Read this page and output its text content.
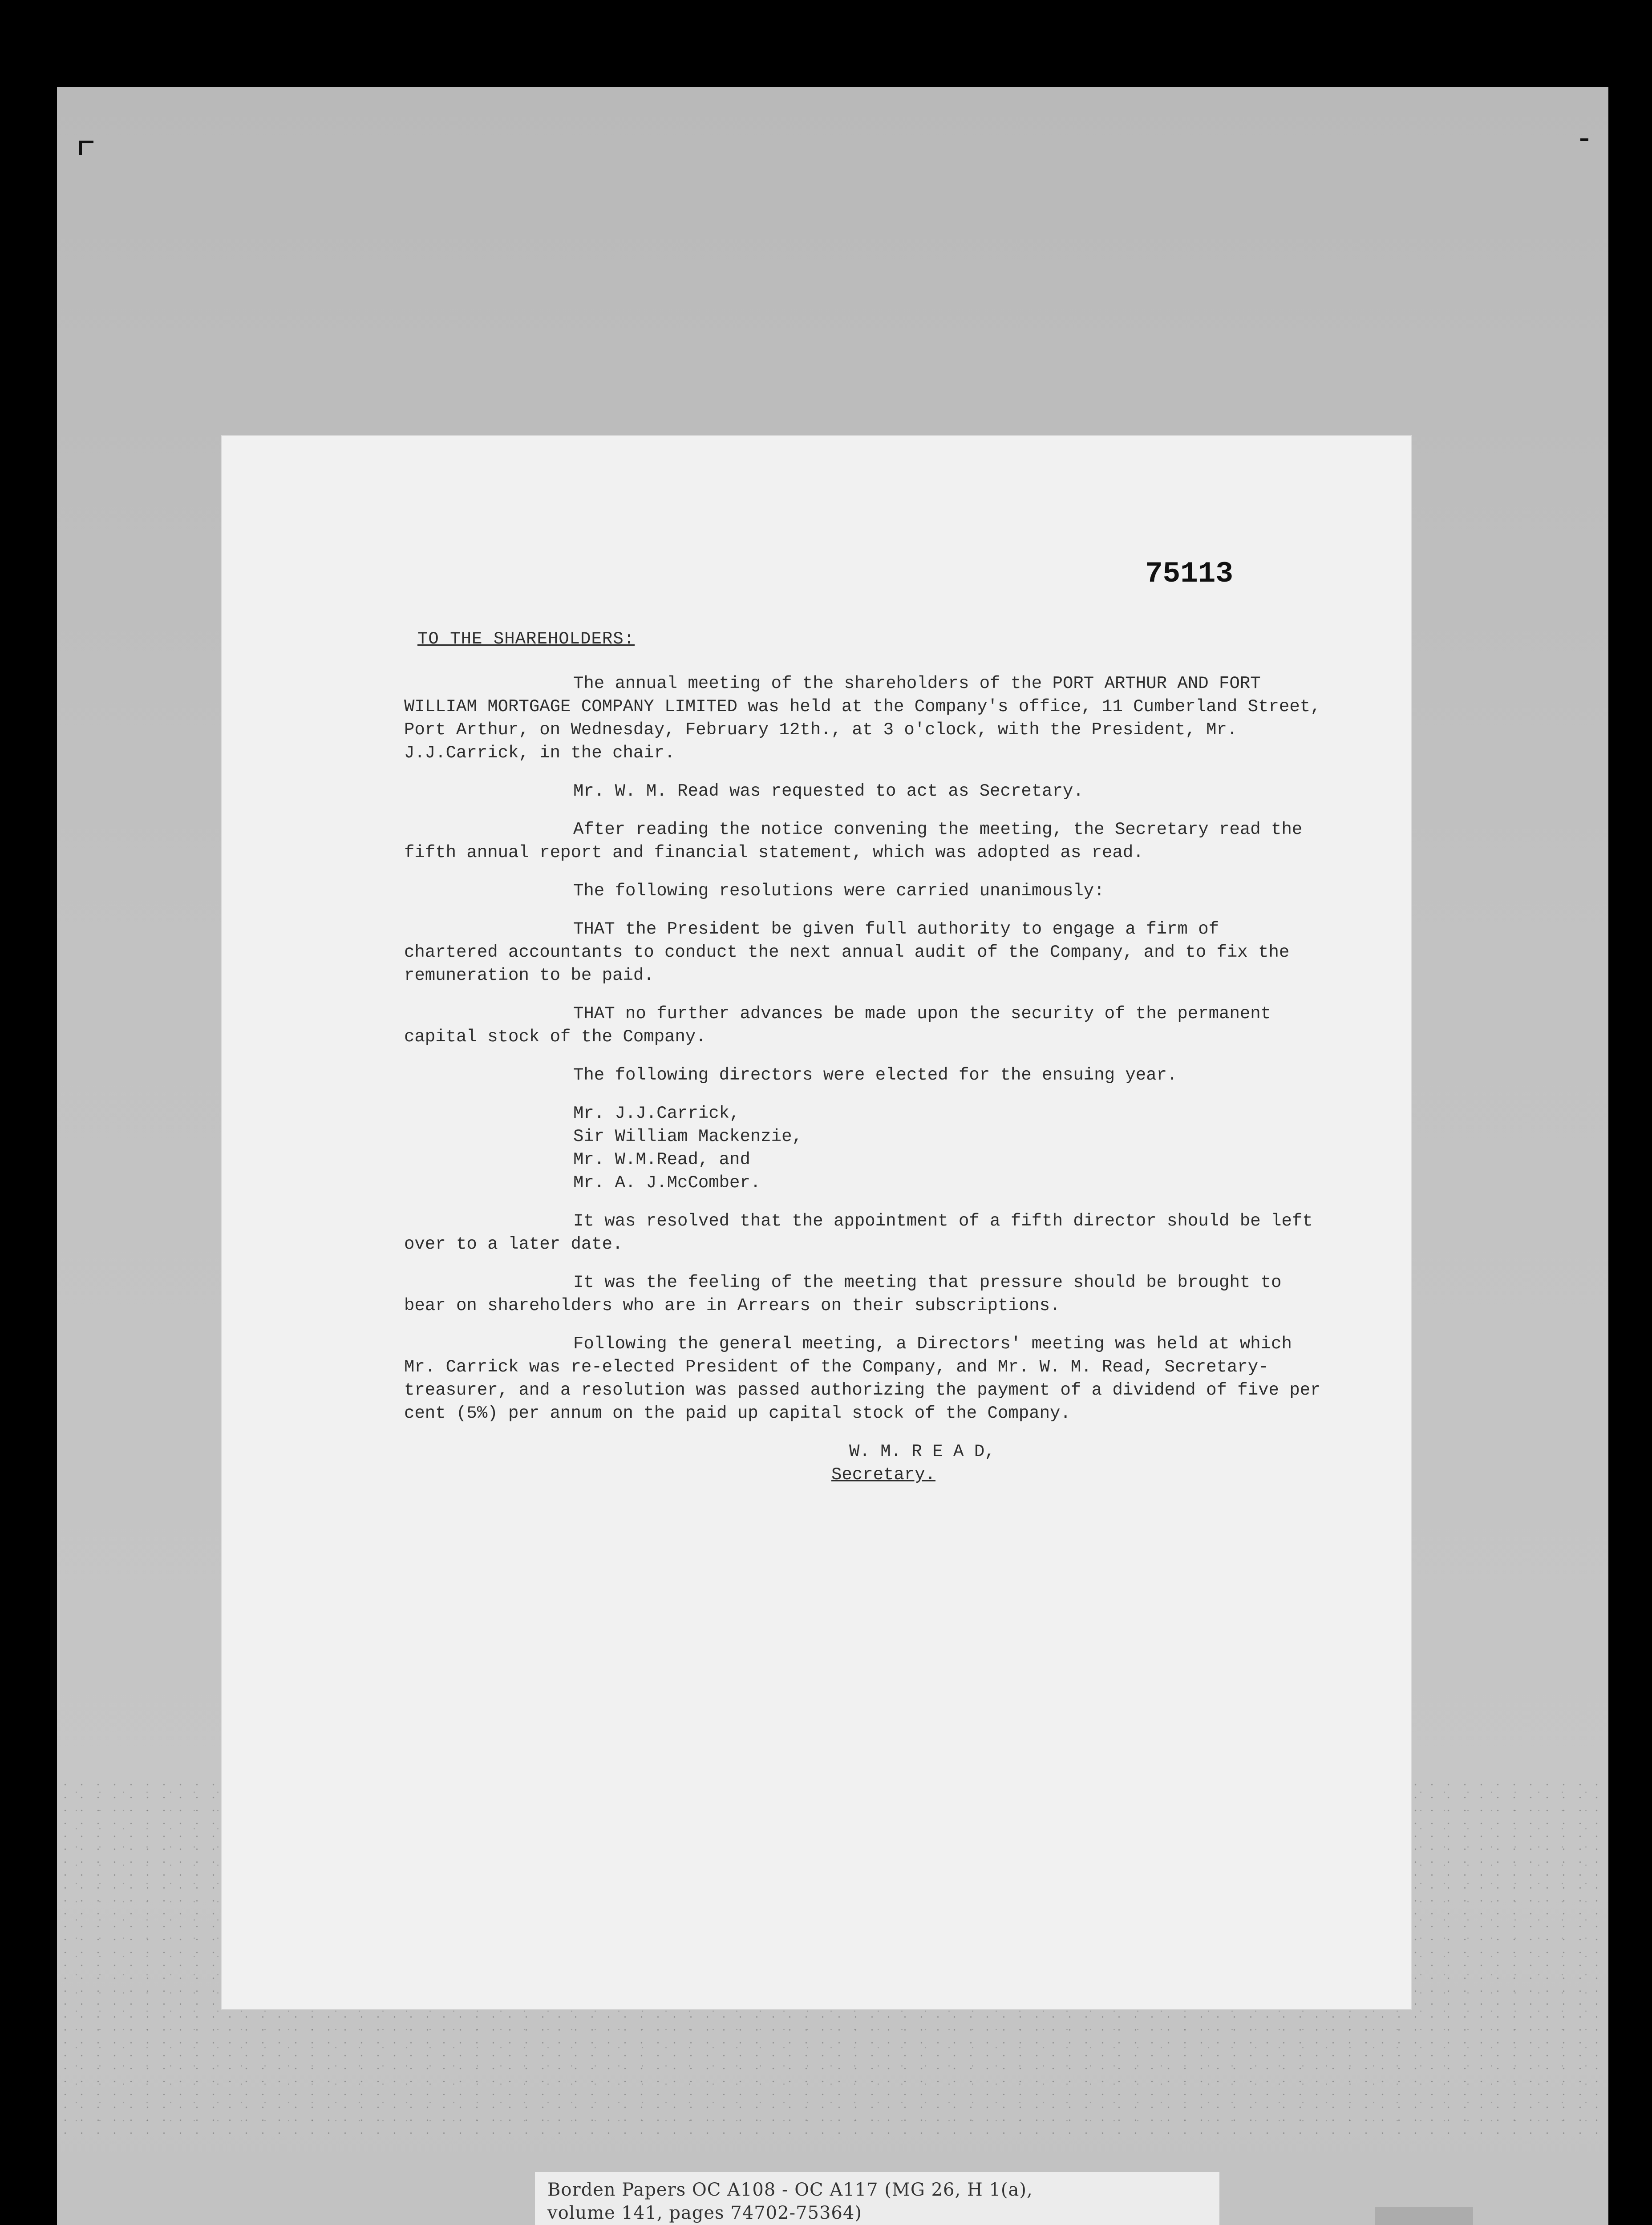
75113
TO THE SHAREHOLDERS:

The annual meeting of the shareholders of the PORT ARTHUR AND FORT WILLIAM MORTGAGE COMPANY LIMITED was held at the Company's office, 11 Cumberland Street, Port Arthur, on Wednesday, February 12th., at 3 o'clock, with the President, Mr. J.J.Carrick, in the chair.

Mr. W. M. Read was requested to act as Secretary.

After reading the notice convening the meeting, the Secretary read the fifth annual report and financial statement, which was adopted as read.

The following resolutions were carried unanimously:

THAT the President be given full authority to engage a firm of chartered accountants to conduct the next annual audit of the Company, and to fix the remuneration to be paid.

THAT no further advances be made upon the security of the permanent capital stock of the Company.

The following directors were elected for the ensuing year.

Mr. J.J.Carrick,
Sir William Mackenzie,
Mr. W.M.Read, and
Mr. A. J.McComber.

It was resolved that the appointment of a fifth director should be left over to a later date.

It was the feeling of the meeting that pressure should be brought to bear on shareholders who are in Arrears on their subscriptions.

Following the general meeting, a Directors' meeting was held at which Mr. Carrick was re-elected President of the Company, and Mr. W. M. Read, Secretary-treasurer, and a resolution was passed authorizing the payment of a dividend of five per cent (5%) per annum on the paid up capital stock of the Company.

W. M. R E A D,
Secretary.
Borden Papers OC A108 - OC A117 (MG 26, H 1(a),
volume 141, pages 74702-75364)
